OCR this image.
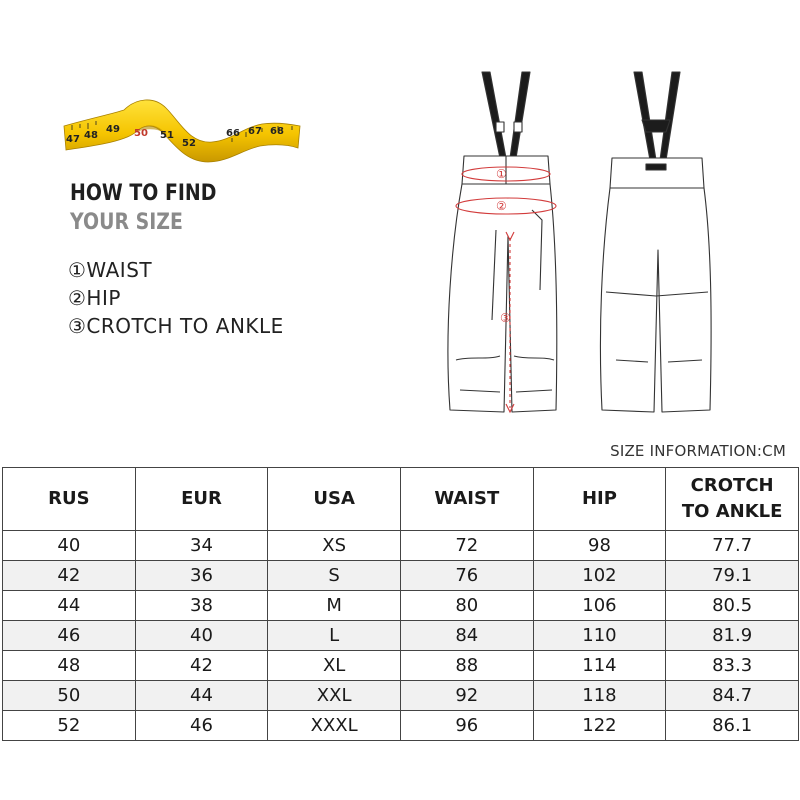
47 48
49 50 51
52
66 67 68
HOW TO FIND
YOUR SIZE
①WAIST
②HIP
③CROTCH TO ANKLE
①
②
③
SIZE INFORMATION:CM
RUS	EUR	USA	WAIST	HIP	CROTCH
TO ANKLE

40	34	XS	72	98	77.7
42	36	S	76	102	79.1
44	38	M	80	106	80.5
46	40	L	84	110	81.9
48	42	XL	88	114	83.3
50	44	XXL	92	118	84.7
52	46	XXXL	96	122	86.1
